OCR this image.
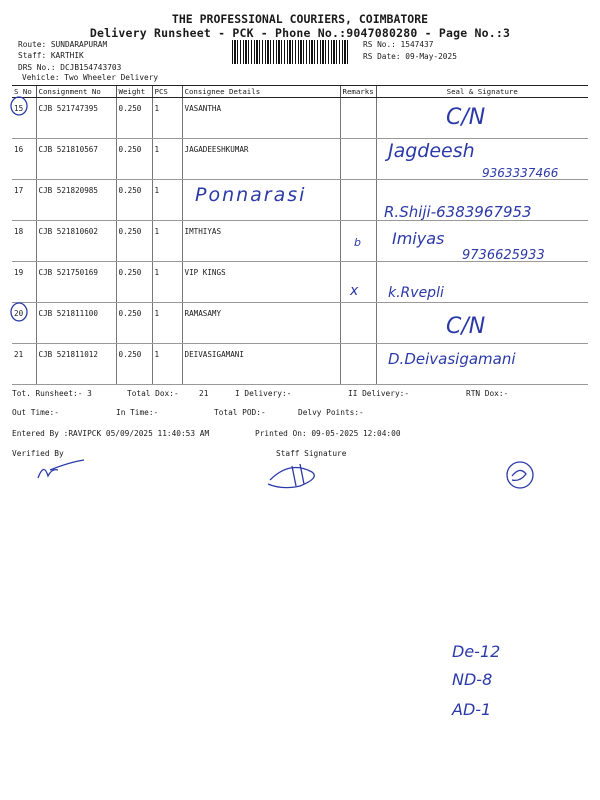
THE PROFESSIONAL COURIERS, COIMBATORE
Delivery Runsheet - PCK - Phone No.:9047080280 - Page No.:3
Route: SUNDARAPURAM
Staff: KARTHIK
DRS No.: DCJB154743703
Vehicle: Two Wheeler Delivery
RS No.: 1547437
RS Date: 09-May-2025
S No	Consignment No	Weight	PCS	Consignee Details	Remarks	Seal & Signature
15	CJB 521747395	0.250	1	VASANTHA		
16	CJB 521810567	0.250	1	JAGADEESHKUMAR		
17	CJB 521820985	0.250	1			
18	CJB 521810602	0.250	1	IMTHIYAS		
19	CJB 521750169	0.250	1	VIP KINGS		
20	CJB 521811100	0.250	1	RAMASAMY		
21	CJB 521811012	0.250	1	DEIVASIGAMANI		
Tot. Runsheet:- 3	Total Dox:-	21	I Delivery:-	II Delivery:-	RTN Dox:-
Out Time:-	In Time:-	Total POD:-	Delvy Points:-
Entered By :RAVIPCK 05/09/2025 11:40:53 AM	Printed On: 09-05-2025 12:04:00
Verified By	Staff Signature
C/N
Jagdeesh
9363337466
Ponnarasi
R.Shiji-6383967953
b Imiyas
9736625933
x k.Rvepli
C/N
D.Deivasigamani
De-12
ND-8
AD-1
